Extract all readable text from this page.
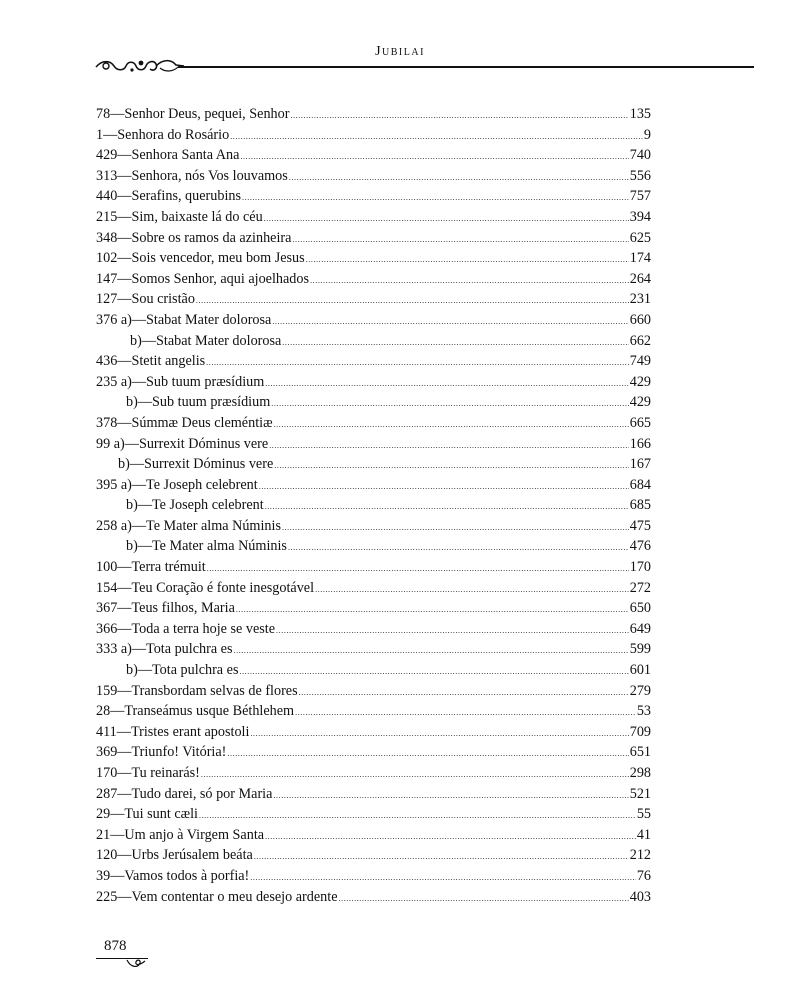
Jubilai
78—Senhor Deus, pequei, Senhor .....	135
1—Senhora do Rosário .....	9
429—Senhora Santa Ana .....	740
313—Senhora, nós Vos louvamos .....	556
440—Serafins, querubins .....	757
215—Sim, baixaste lá do céu .....	394
348—Sobre os ramos da azinheira .....	625
102—Sois vencedor, meu bom Jesus .....	174
147—Somos Senhor, aqui ajoelhados .....	264
127—Sou cristão .....	231
376 a)—Stabat Mater dolorosa .....	660
b)—Stabat Mater dolorosa .....	662
436—Stetit angelis .....	749
235 a)—Sub tuum præsídium .....	429
b)—Sub tuum præsídium .....	429
378—Súmmæ Deus cleméntiæ .....	665
99 a)—Surrexit Dóminus vere .....	166
b)—Surrexit Dóminus vere .....	167
395 a)—Te Joseph celebrent .....	684
b)—Te Joseph celebrent .....	685
258 a)—Te Mater alma Núminis .....	475
b)—Te Mater alma Núminis .....	476
100—Terra trémuit .....	170
154—Teu Coração é fonte inesgotável .....	272
367—Teus filhos, Maria .....	650
366—Toda a terra hoje se veste .....	649
333 a)—Tota pulchra es .....	599
b)—Tota pulchra es .....	601
159—Transbordam selvas de flores .....	279
28—Transeámus usque Béthlehem .....	53
411—Tristes erant apostoli .....	709
369—Triunfo! Vitória! .....	651
170—Tu reinarás! .....	298
287—Tudo darei, só por Maria .....	521
29—Tui sunt cæli .....	55
21—Um anjo à Virgem Santa .....	41
120—Urbs Jerúsalem beáta .....	212
39—Vamos todos à porfia! .....	76
225—Vem contentar o meu desejo ardente .....	403
878
